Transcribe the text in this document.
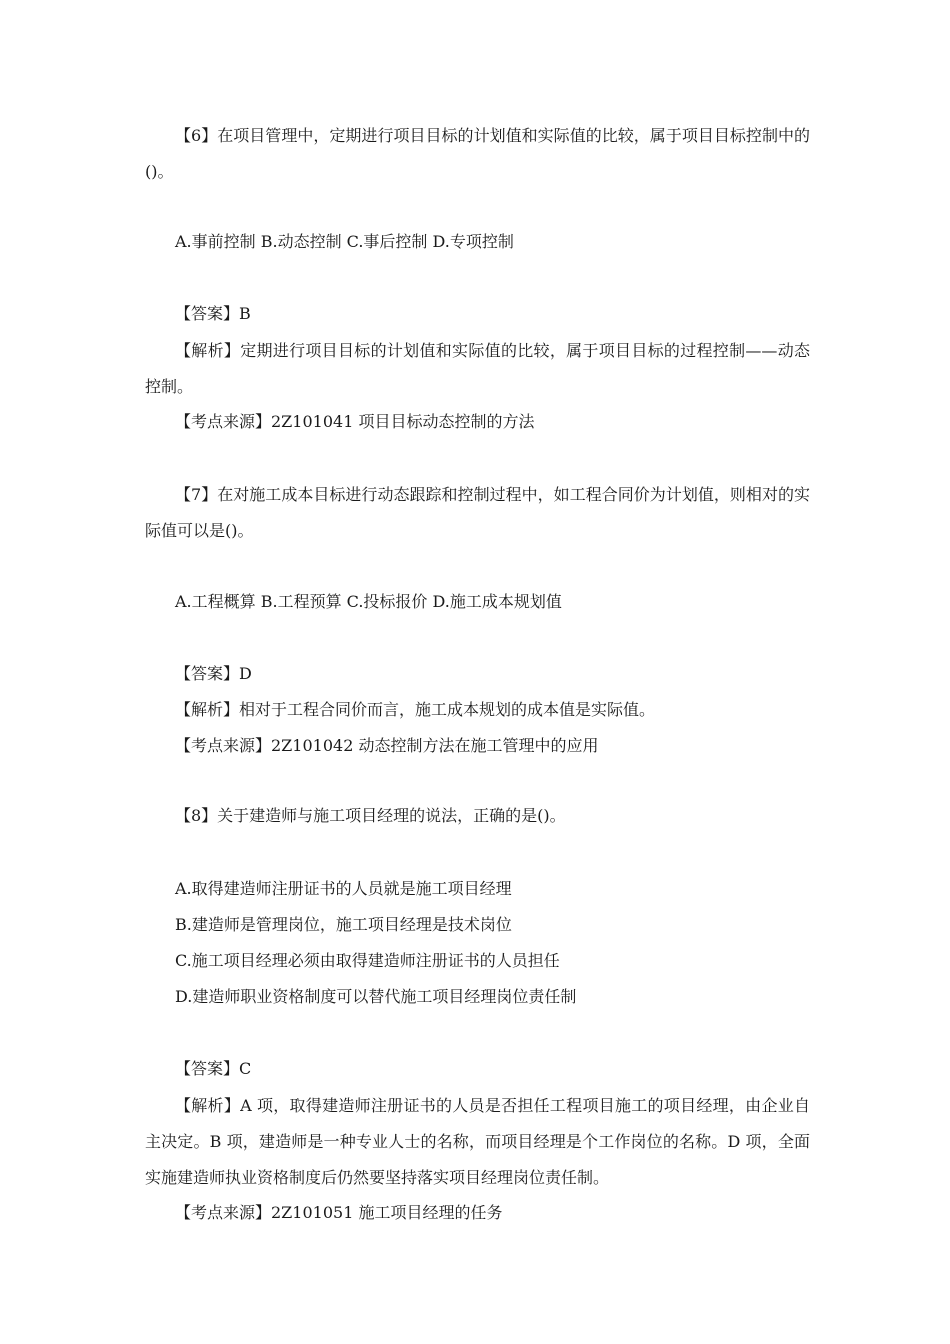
【6】在项目管理中，定期进行项目目标的计划值和实际值的比较，属于项目目标控制中的()。
A.事前控制 B.动态控制 C.事后控制 D.专项控制
【答案】B
【解析】定期进行项目目标的计划值和实际值的比较，属于项目目标的过程控制——动态控制。
【考点来源】2Z101041 项目目标动态控制的方法
【7】在对施工成本目标进行动态跟踪和控制过程中，如工程合同价为计划值，则相对的实际值可以是()。
A.工程概算 B.工程预算 C.投标报价 D.施工成本规划值
【答案】D
【解析】相对于工程合同价而言，施工成本规划的成本值是实际值。
【考点来源】2Z101042 动态控制方法在施工管理中的应用
【8】关于建造师与施工项目经理的说法，正确的是()。
A.取得建造师注册证书的人员就是施工项目经理
B.建造师是管理岗位，施工项目经理是技术岗位
C.施工项目经理必须由取得建造师注册证书的人员担任
D.建造师职业资格制度可以替代施工项目经理岗位责任制
【答案】C
【解析】A 项，取得建造师注册证书的人员是否担任工程项目施工的项目经理，由企业自主决定。B 项，建造师是一种专业人士的名称，而项目经理是个工作岗位的名称。D 项，全面实施建造师执业资格制度后仍然要坚持落实项目经理岗位责任制。
【考点来源】2Z101051 施工项目经理的任务
